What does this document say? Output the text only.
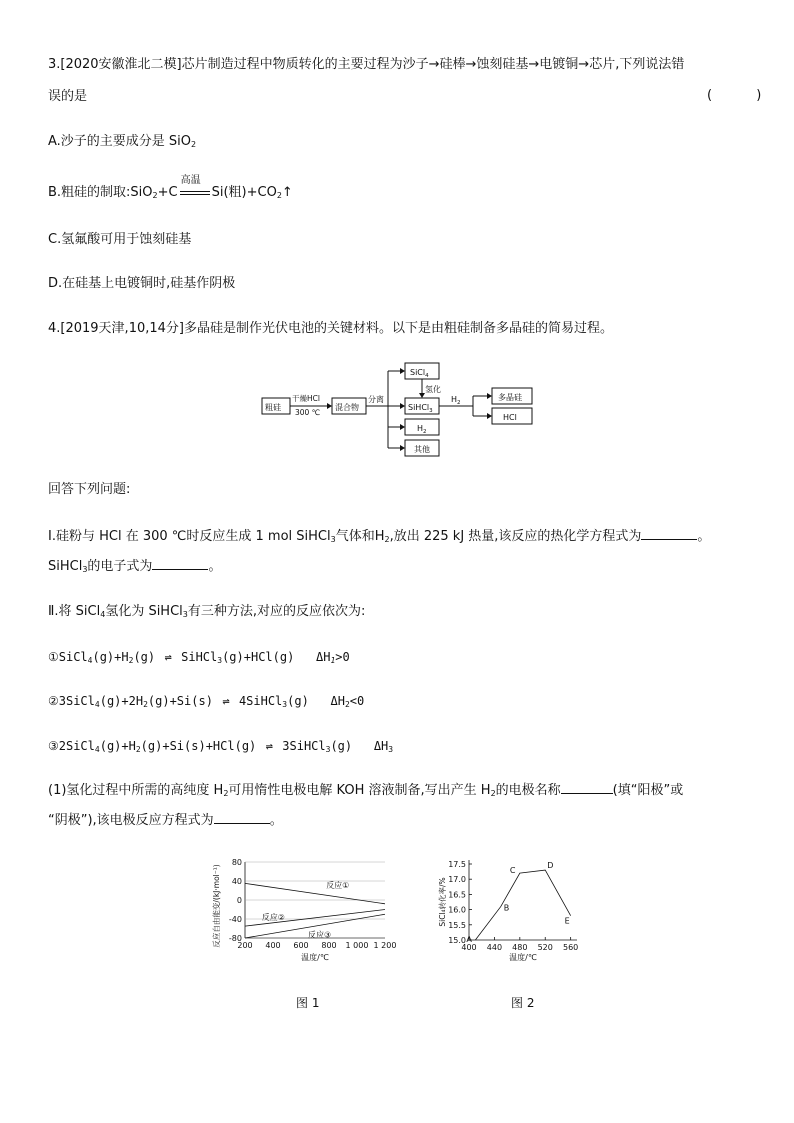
3.[2020安徽淮北二模]芯片制造过程中物质转化的主要过程为沙子→硅棒→蚀刻硅基→电镀铜→芯片,下列说法错
误的是	( )
A.沙子的主要成分是 SiO$_2$
B.粗硅的制取:SiO$_2$+C
高温
Si(粗)$+CO_2↑$
C.氢氟酸可用于蚀刻硅基
D.在硅基上电镀铜时,硅基作阴极
4.[2019天津,10,14分]多晶硅是制作光伏电池的关键材料。以下是由粗硅制备多晶硅的简易过程。
粗硅
干燥HCl
300 ℃
混合物
分离
SiCl$_4$
氢化
SiHCl$_3$
$H_2$
其他
$H_2$
多晶硅
HCl
回答下列问题:
Ⅰ.硅粉与 HCl 在 300 ℃时反应生成 1 mol SiHCl$_3$气体和$H_2$,放出 225 kJ 热量,该反应的热化学方程式为	。
SiHCl$_3$的电子式为	。
Ⅱ.将 SiCl$_4$氢化为 SiHCl$_3$有三种方法,对应的反应依次为:
$①SiCl_4(g)+H_2(g)$ ⇌ SiHCl$_3$(g)+HCl(g) $\Delta H_1>0$
$②3SiCl_4(g)+2H_2(g)+Si(s)$ ⇌ 4SiHCl$_3$(g) $\Delta H_2<0$
$③2SiCl_4(g)+H_2(g)+Si(s)+HCl(g)$ ⇌ 3SiHCl$_3$(g) $\Delta H_3$
(1)氢化过程中所需的高纯度 $H_2$可用惰性电极电解 KOH 溶液制备,写出产生 $H_2$的电极名称	(填“阳极”或
“阴极”),该电极反应方程式为	。
80
40
0
-40
-80
200 400 600 800 1 000 1 200
反应①
反应②
反应③
温度/℃
反应自由能变/(kJ·mol⁻¹)
图 1
15.0
15.5
16.0
16.5
17.0
17.5
400 440 480 520 560
A
B
C
D
E
温度/℃
SiCl₄转化率/%
图 2
